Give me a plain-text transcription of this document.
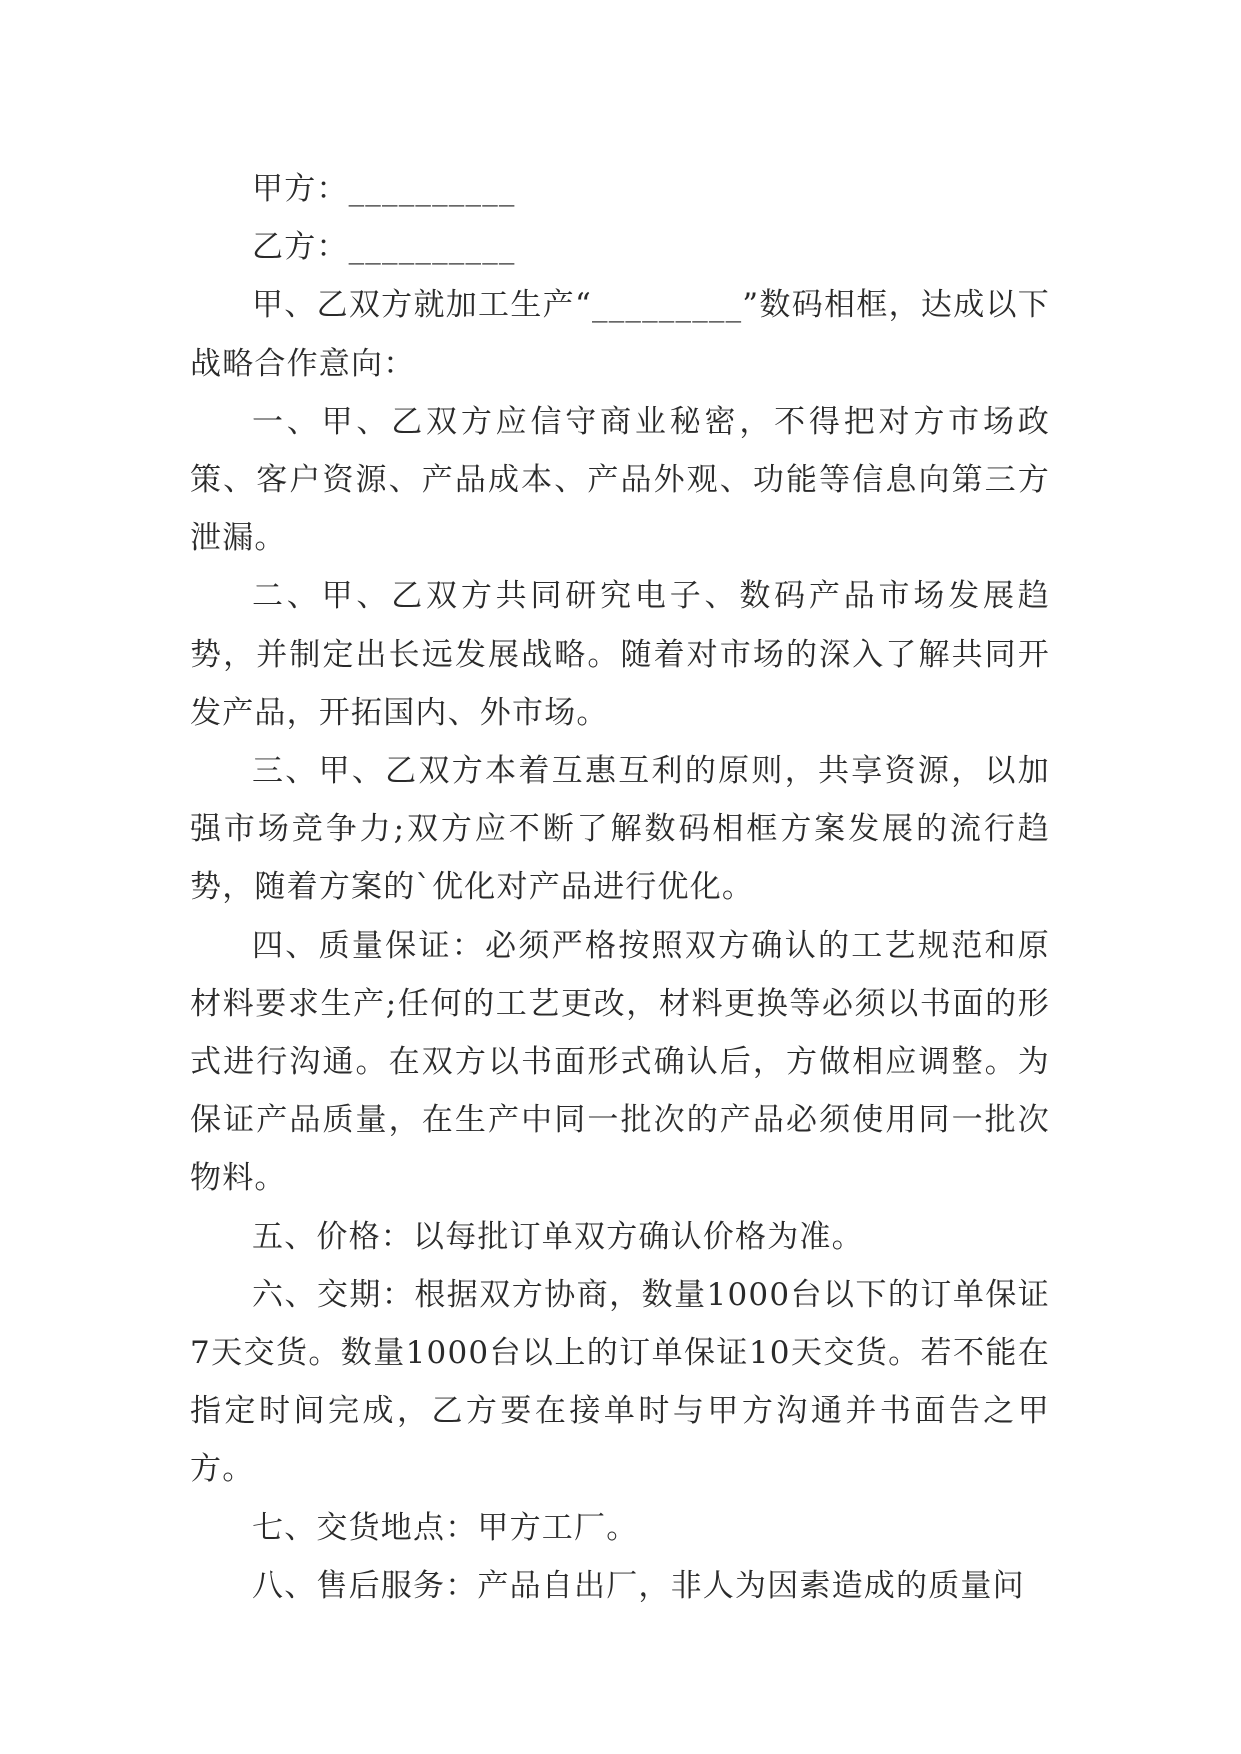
甲方：__________

乙方：__________

甲、乙双方就加工生产“_________”数码相框，达成以下战略合作意向：

一、甲、乙双方应信守商业秘密，不得把对方市场政策、客户资源、产品成本、产品外观、功能等信息向第三方泄漏。

二、甲、乙双方共同研究电子、数码产品市场发展趋势，并制定出长远发展战略。随着对市场的深入了解共同开发产品，开拓国内、外市场。

三、甲、乙双方本着互惠互利的原则，共享资源，以加强市场竞争力;双方应不断了解数码相框方案发展的流行趋势，随着方案的`优化对产品进行优化。

四、质量保证：必须严格按照双方确认的工艺规范和原材料要求生产;任何的工艺更改，材料更换等必须以书面的形式进行沟通。在双方以书面形式确认后，方做相应调整。为保证产品质量，在生产中同一批次的产品必须使用同一批次物料。

五、价格：以每批订单双方确认价格为准。

六、交期：根据双方协商，数量1000台以下的订单保证7天交货。数量1000台以上的订单保证10天交货。若不能在指定时间完成，乙方要在接单时与甲方沟通并书面告之甲方。

七、交货地点：甲方工厂。

八、售后服务：产品自出厂，非人为因素造成的质量问
